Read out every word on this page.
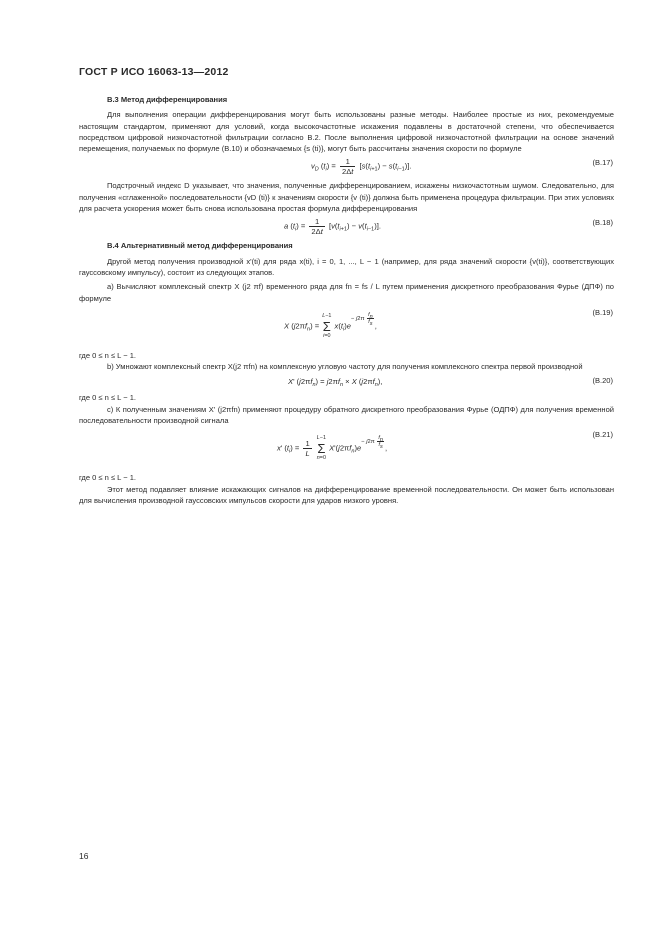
ГОСТ Р ИСО 16063-13—2012
В.3 Метод дифференцирования
Для выполнения операции дифференцирования могут быть использованы разные методы. Наиболее простые из них, рекомендуемые настоящим стандартом, применяют для условий, когда высокочастотные искажения подавлены в достаточной степени, что обеспечивается посредством цифровой низкочастотной фильтрации согласно В.2. После выполнения цифровой низкочастотной фильтрации на основе значений перемещения, получаемых по формуле (В.10) и обозначаемых {s (ti)}, могут быть рассчитаны значения скорости по формуле
$v_D$ $(t_i) = \frac{1}{2\Delta t} [s(t_{i+1}) - s(t_{i-1})]$.	(В.17)
Подстрочный индекс D указывает, что значения, полученные дифференцированием, искажены низкочастотным шумом. Следовательно, для получения «сглаженной» последовательности {vD (ti)} к значениям скорости {v (ti)} должна быть применена процедура фильтрации. При этих условиях для расчета ускорения может быть снова использована простая формула дифференцирования
a $(t_i) = \frac{1}{2\Delta t} [v(t_{i+1}) - v(t_{i-1})]$.	(В.18)
В.4 Альтернативный метод дифференцирования
Другой метод получения производной x'(ti) для ряда x(ti), i = 0, 1, ..., L − 1 (например, для ряда значений скорости {v(ti)}, соответствующих гауссовскому импульсу), состоит из следующих этапов.
а) Вычисляют комплексный спектр X (j2 πf) временного ряда для fn = fs / L путем применения дискретного преобразования Фурье (ДПФ) по формуле
X $(j2\pi f_n)$ =
L−1
Σ
i=0
$x(t_i)e- j2\pi \frac{f_n}{f_s}$
,
(В.19)
где 0 ≤ n ≤ L − 1.
b) Умножают комплексный спектр X(j2 πfn) на комплексную угловую частоту для получения комплексного спектра первой производной
X' $(j2\pi f_n) = j2\pi f_n \times X$ $(j2\pi f_n)$,	(В.20)
где 0 ≤ n ≤ L − 1.
с) К полученным значениям X' (j2πfn) применяют процедуру обратного дискретного преобразования Фурье (ОДПФ) для получения временной последовательности производной сигнала
x' $(t_i) = \frac{1}{L}$

L−1
Σ
n=0
$X'(j2\pi f_n)e- j2\pi \frac{f_n}{f_s}$
,
(В.21)
где 0 ≤ n ≤ L − 1.
Этот метод подавляет влияние искажающих сигналов на дифференцирование временной последовательности. Он может быть использован для вычисления производной гауссовских импульсов скорости для ударов низкого уровня.
16
